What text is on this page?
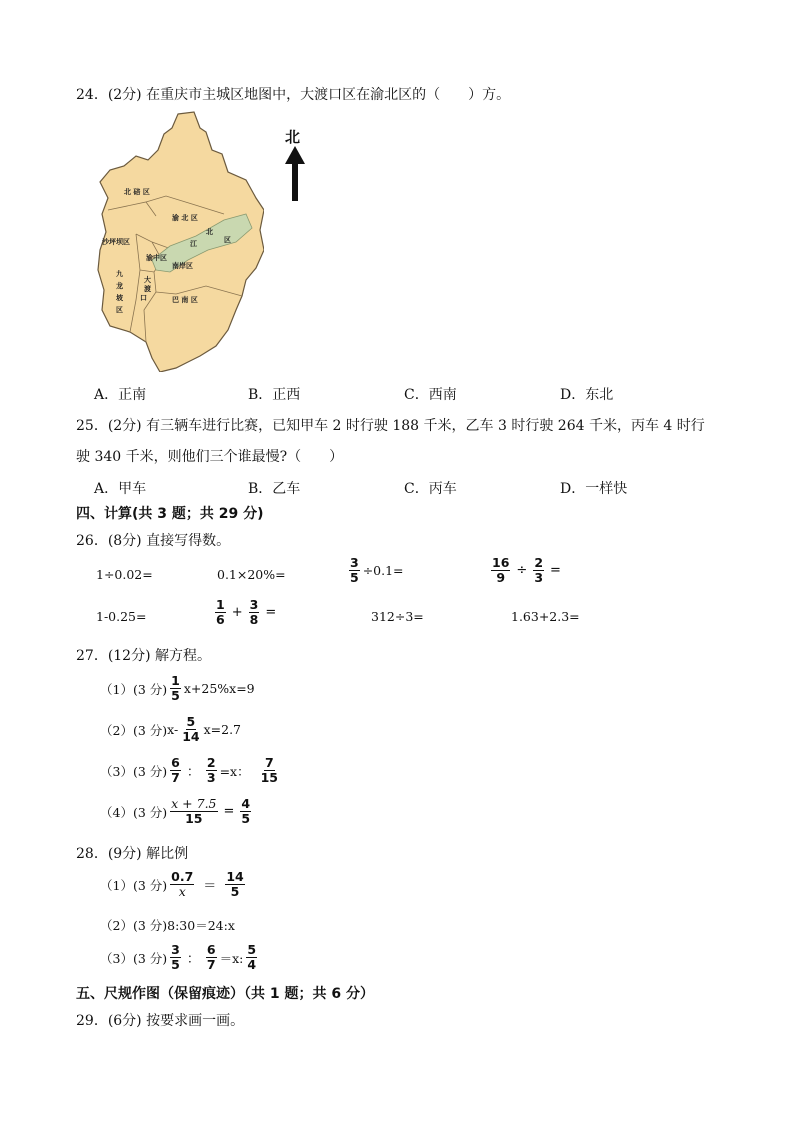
24．(2分) 在重庆市主城区地图中，大渡口区在渝北区的（　　）方。
北 碚 区
渝 北 区
北
江	区
沙坪坝区
渝中区
南岸区
九
龙
坡
区
大
渡
口	巴 南 区
北
A．正南	B．正西	C．西南	D．东北
25．(2分) 有三辆车进行比赛，已知甲车 2 时行驶 188 千米，乙车 3 时行驶 264 千米，丙车 4 时行
驶 340 千米，则他们三个谁最慢?（　　）
A．甲车	B．乙车	C．丙车	D．一样快
四、计算(共 3 题；共 29 分)
26．(8分) 直接写得数。
1÷0.02=	0.1×20%=	$\frac{3}{5} \div 0.1=$	$\frac{16}{9} \div \frac{2}{3}$ =
1-0.25=	$\frac{1}{6} + \frac{3}{8}$ =	312÷3=	1.63+2.3=
27．(12分) 解方程。
（1）(3 分) $\frac{1}{5} x+25\%x=9$
（2）(3 分) $x- \frac{5}{14} x=2.7$
（3）(3 分) $\frac{6}{7}$ ： $\frac{2}{3} =x$： $\frac{7}{15}$
（4）(3 分) $\frac{x + 7.5}{15} = \frac{4}{5}$
28．(9分) 解比例
（1）(3 分) $\frac{0.7}{x} = \frac{14}{5}$
（2）(3 分) 8:30＝24:x
（3）(3 分) $\frac{3}{5}$ ： $\frac{6}{7} =x$: $\frac{5}{4}$
五、尺规作图（保留痕迹）（共 1 题；共 6 分）
29．(6分) 按要求画一画。
